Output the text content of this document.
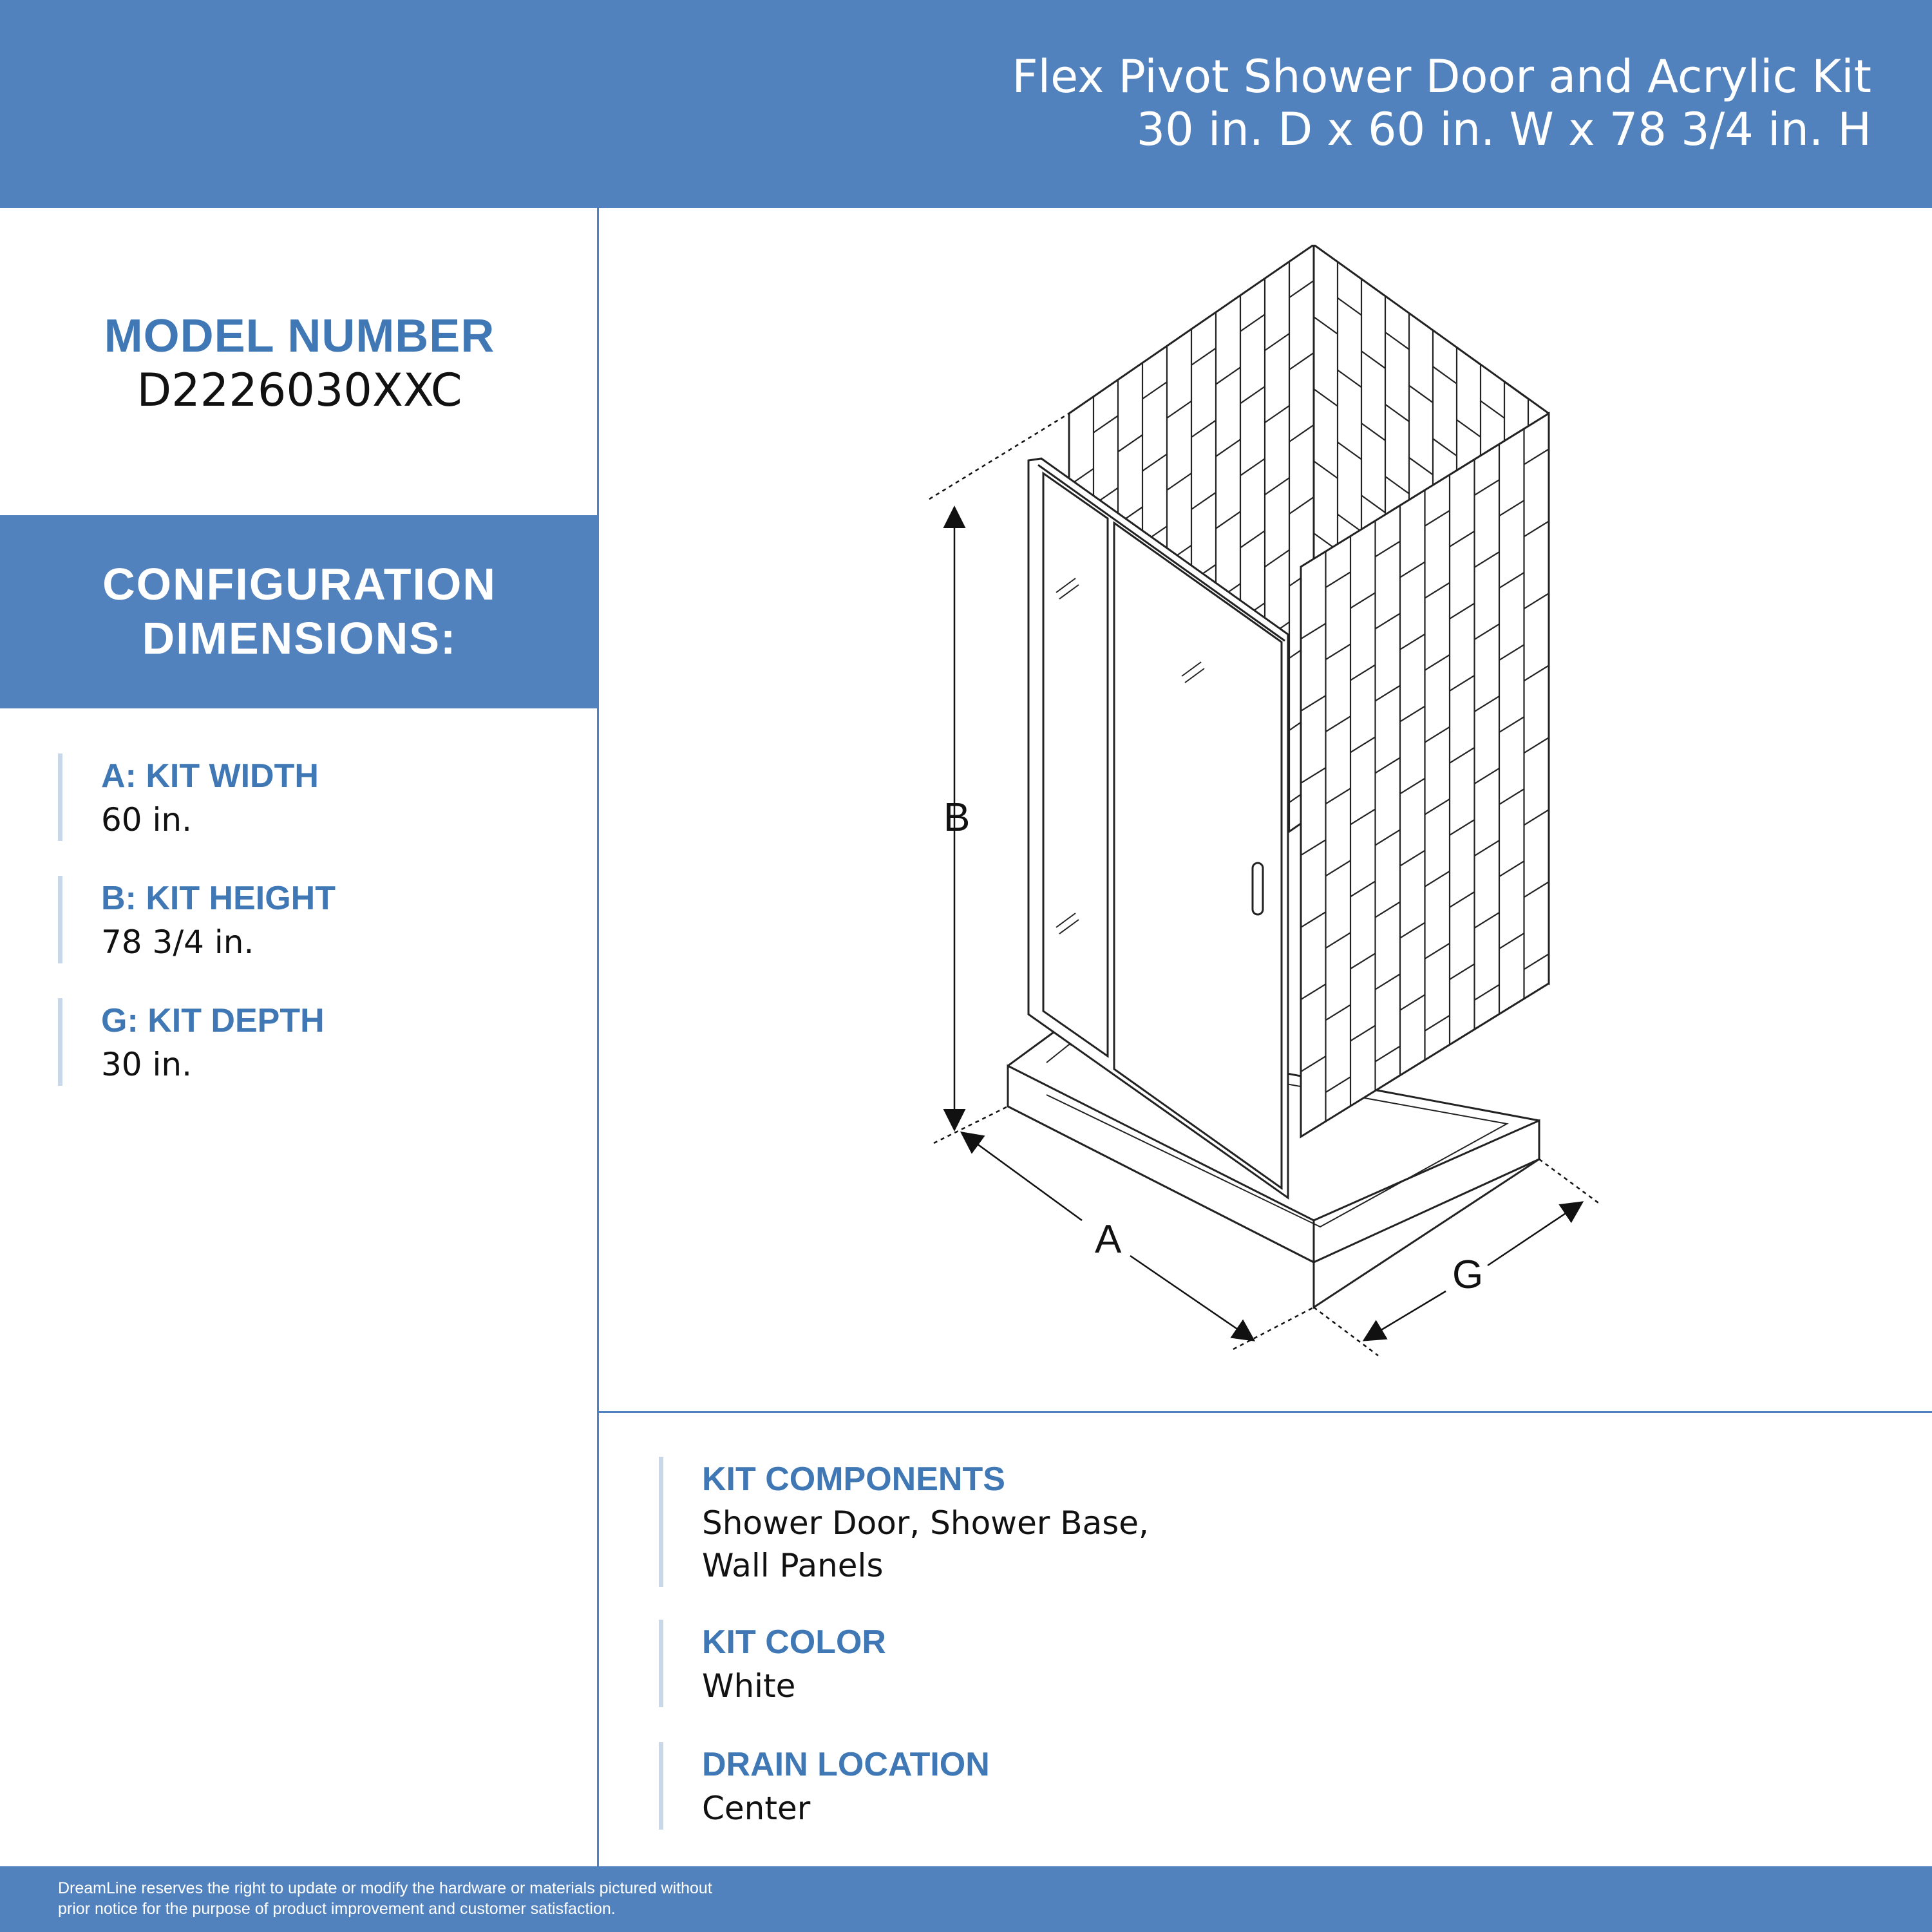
Flex Pivot Shower Door and Acrylic Kit
30 in. D x 60 in. W x 78 3/4 in. H
MODEL NUMBER
D2226030XXC
CONFIGURATION
DIMENSIONS:
A: KIT WIDTH
60 in.
B: KIT HEIGHT
78 3/4 in.
G: KIT DEPTH
30 in.
KIT COMPONENTS
Shower Door, Shower Base,
Wall Panels
KIT COLOR
White
DRAIN LOCATION
Center
B
A
G
DreamLine reserves the right to update or modify the hardware or materials pictured without
prior notice for the purpose of product improvement and customer satisfaction.
